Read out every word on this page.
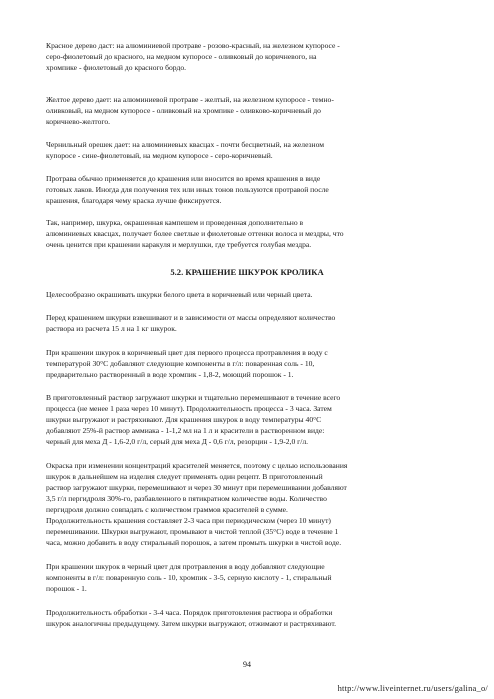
Красное дерево даст: на алюминиевой протраве - розово-красный, на железном купоросе -
серо-фиолетовый до красного, на медном купоросе - оливковый до коричневого, на
хромпике - фиолетовый до красного бордо.
Желтое дерево дает: на алюминиевой протраве - желтый, на железном купоросе - темно-
оливковый, на медном купоросе - оливковый на хромпике - оливково-коричневый до
коричнево-желтого.
Чернильный орешек дает: на алюминиевых квасцах - почти бесцветный, на железном
купоросе - сине-фиолетовый, на медном купоросе - серо-коричневый.
Протрава обычно применяется до крашения или вносится во время крашения в виде
готовых лаков. Иногда для получения тех или иных тонов пользуются протравой после
крашения, благодаря чему краска лучше фиксируется.
Так, например, шкурка, окрашенная кампешем и проведенная дополнительно в
алюминиевых квасцах, получает более светлые и фиолетовые оттенки волоса и мездры, что
очень ценится при крашении каракуля и мерлушки, где требуется голубая мездра.
5.2. КРАШЕНИЕ ШКУРОК КРОЛИКА
Целесообразно окрашивать шкурки белого цвета в коричневый или черный цвета.
Перед крашением шкурки взвешивают и в зависимости от массы определяют количество
раствора из расчета 15 л на 1 кг шкурок.
При крашении шкурок в коричневый цвет для первого процесса протравления в воду с
температурой 30°С добавляют следующие компоненты в г/л: поваренная соль - 10,
предварительно растворенный в воде хромпик - 1,8-2, моющий порошок - 1.
В приготовленный раствор загружают шкурки и тщательно перемешивают в течение всего
процесса (не менее 1 раза через 10 минут). Продолжительность процесса - 3 часа. Затем
шкурки выгружают и растряхивают. Для крашения шкурок в воду температуры 40°С
добавляют 25%-й раствор аммиака - 1-1,2 мл на 1 л и красители в растворенном виде:
черный для меха Д - 1,6-2,0 г/л, серый для меха Д - 0,6 г/л, резорцин - 1,9-2,0 г/л.
Окраска при изменении концентраций красителей меняется, поэтому с целью использования
шкурок в дальнейшем на изделия следует применять один рецепт. В приготовленный
раствор загружают шкурки, перемешивают и через 30 минут при перемешивании добавляют
3,5 г/л пергидроля 30%-го, разбавленного в пятикратном количестве воды. Количество
пергидроля должно совпадать с количеством граммов красителей в сумме.
Продолжительность крашения составляет 2-3 часа при периодическом (через 10 минут)
перемешивании. Шкурки выгружают, промывают в чистой теплой (35°С) воде в течение 1
часа, можно добавить в воду стиральный порошок, а затем промыть шкурки в чистой воде.
При крашении шкурок в черный цвет для протравления в воду добавляют следующие
компоненты в г/л: поваренную соль - 10, хромпик - 3-5, серную кислоту - 1, стиральный
порошок - 1.
Продолжительность обработки - 3-4 часа. Порядок приготовления раствора и обработки
шкурок аналогичны предыдущему. Затем шкурки выгружают, отжимают и растряхивают.
94
http://www.liveinternet.ru/users/galina_o/
